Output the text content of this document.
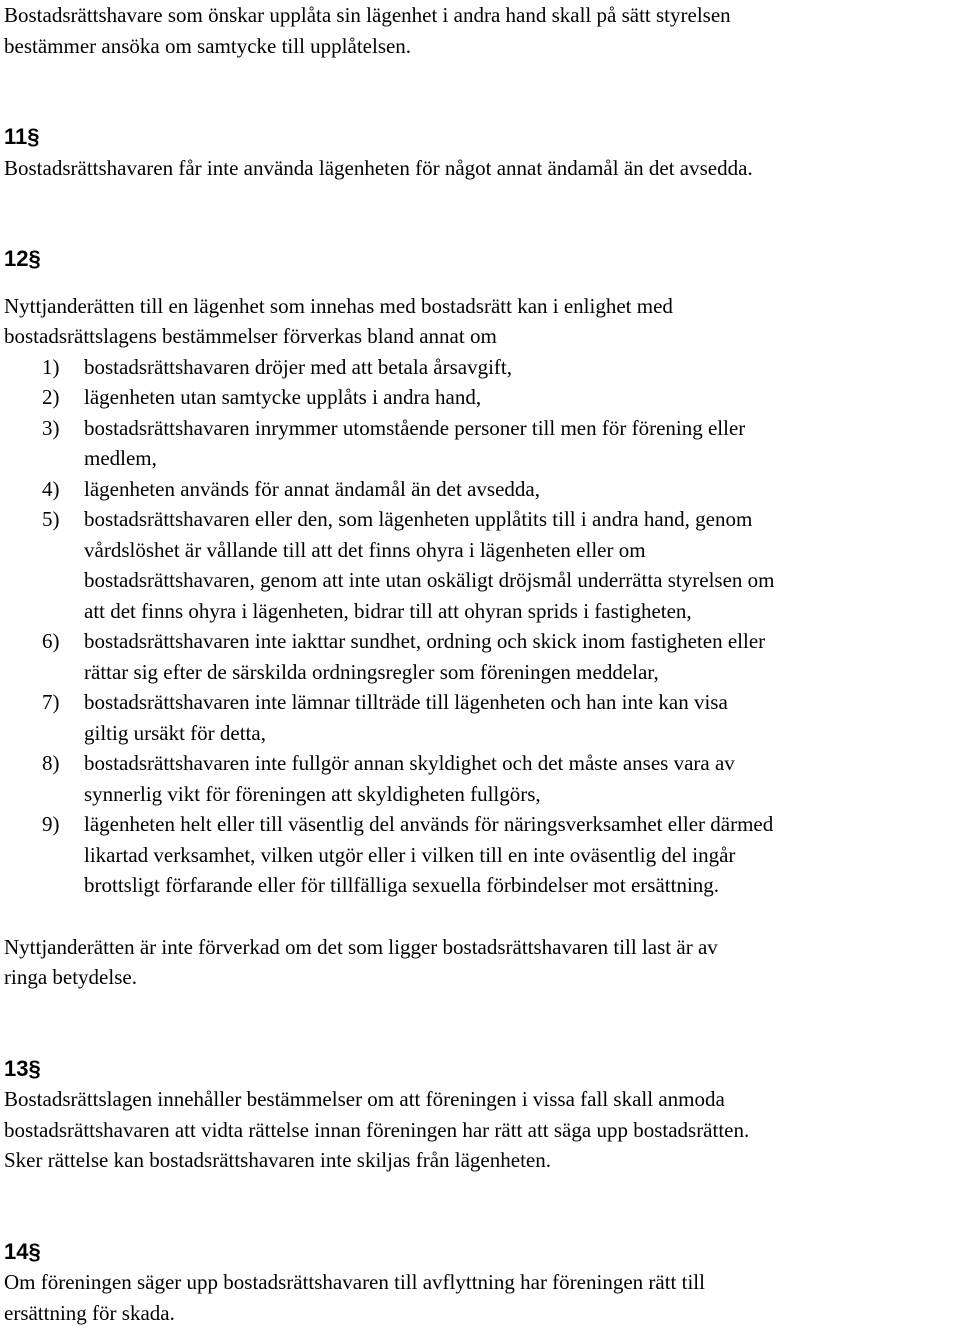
Bostadsrättshavare som önskar upplåta sin lägenhet i andra hand skall på sätt styrelsen
bestämmer ansöka om samtycke till upplåtelsen.
11§
Bostadsrättshavaren får inte använda lägenheten för något annat ändamål än det avsedda.
12§
Nyttjanderätten till en lägenhet som innehas med bostadsrätt kan i enlighet med
bostadsrättslagens bestämmelser förverkas bland annat om
1) bostadsrättshavaren dröjer med att betala årsavgift,
2) lägenheten utan samtycke upplåts i andra hand,
3) bostadsrättshavaren inrymmer utomstående personer till men för förening eller
medlem,
4) lägenheten används för annat ändamål än det avsedda,
5) bostadsrättshavaren eller den, som lägenheten upplåtits till i andra hand, genom
vårdslöshet är vållande till att det finns ohyra i lägenheten eller om
bostadsrättshavaren, genom att inte utan oskäligt dröjsmål underrätta styrelsen om
att det finns ohyra i lägenheten, bidrar till att ohyran sprids i fastigheten,
6) bostadsrättshavaren inte iakttar sundhet, ordning och skick inom fastigheten eller
rättar sig efter de särskilda ordningsregler som föreningen meddelar,
7) bostadsrättshavaren inte lämnar tillträde till lägenheten och han inte kan visa
giltig ursäkt för detta,
8) bostadsrättshavaren inte fullgör annan skyldighet och det måste anses vara av
synnerlig vikt för föreningen att skyldigheten fullgörs,
9) lägenheten helt eller till väsentlig del används för näringsverksamhet eller därmed
likartad verksamhet, vilken utgör eller i vilken till en inte oväsentlig del ingår
brottsligt förfarande eller för tillfälliga sexuella förbindelser mot ersättning.
Nyttjanderätten är inte förverkad om det som ligger bostadsrättshavaren till last är av
ringa betydelse.
13§
Bostadsrättslagen innehåller bestämmelser om att föreningen i vissa fall skall anmoda
bostadsrättshavaren att vidta rättelse innan föreningen har rätt att säga upp bostadsrätten.
Sker rättelse kan bostadsrättshavaren inte skiljas från lägenheten.
14§
Om föreningen säger upp bostadsrättshavaren till avflyttning har föreningen rätt till
ersättning för skada.
